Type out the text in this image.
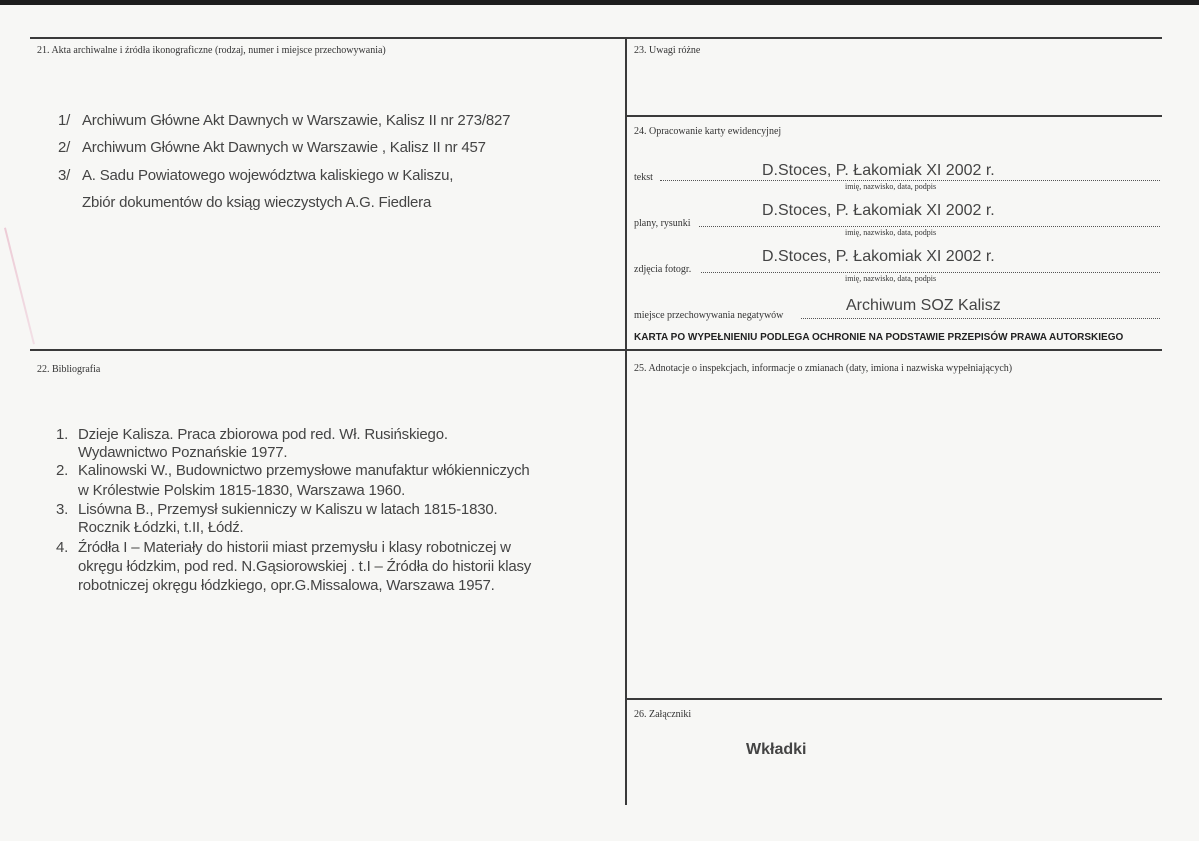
21. Akta archiwalne i źródła ikonograficzne (rodzaj, numer i miejsce przechowywania)
1/ Archiwum Główne Akt Dawnych w Warszawie, Kalisz II nr 273/827
2/ Archiwum Główne Akt Dawnych w Warszawie , Kalisz II nr 457
3/ A. Sadu Powiatowego województwa kaliskiego w Kaliszu,
Zbiór dokumentów do ksiąg wieczystych A.G. Fiedlera
23. Uwagi różne
24. Opracowanie karty ewidencyjnej
D.Stoces, P. Łakomiak XI 2002 r.
tekst
imię, nazwisko, data, podpis
D.Stoces, P. Łakomiak XI 2002 r.
plany, rysunki
imię, nazwisko, data, podpis
D.Stoces, P. Łakomiak XI 2002 r.
zdjęcia fotogr.
imię, nazwisko, data, podpis
Archiwum SOZ Kalisz
miejsce przechowywania negatywów
KARTA PO WYPEŁNIENIU PODLEGA OCHRONIE NA PODSTAWIE PRZEPISÓW PRAWA AUTORSKIEGO
22. Bibliografia
1. Dzieje Kalisza. Praca zbiorowa pod red. Wł. Rusińskiego.
Wydawnictwo Poznańskie 1977.
2. Kalinowski W., Budownictwo przemysłowe manufaktur włókienniczych
w Królestwie Polskim 1815-1830, Warszawa 1960.
3. Lisówna B., Przemysł sukienniczy w Kaliszu w latach 1815-1830.
Rocznik Łódzki, t.II, Łódź.
4. Źródła I – Materiały do historii miast przemysłu i klasy robotniczej w
okręgu łódzkim, pod red. N.Gąsiorowskiej . t.I – Źródła do historii klasy
robotniczej okręgu łódzkiego, opr.G.Missalowa, Warszawa 1957.
25. Adnotacje o inspekcjach, informacje o zmianach (daty, imiona i nazwiska wypełniających)
26. Załączniki
Wkładki
